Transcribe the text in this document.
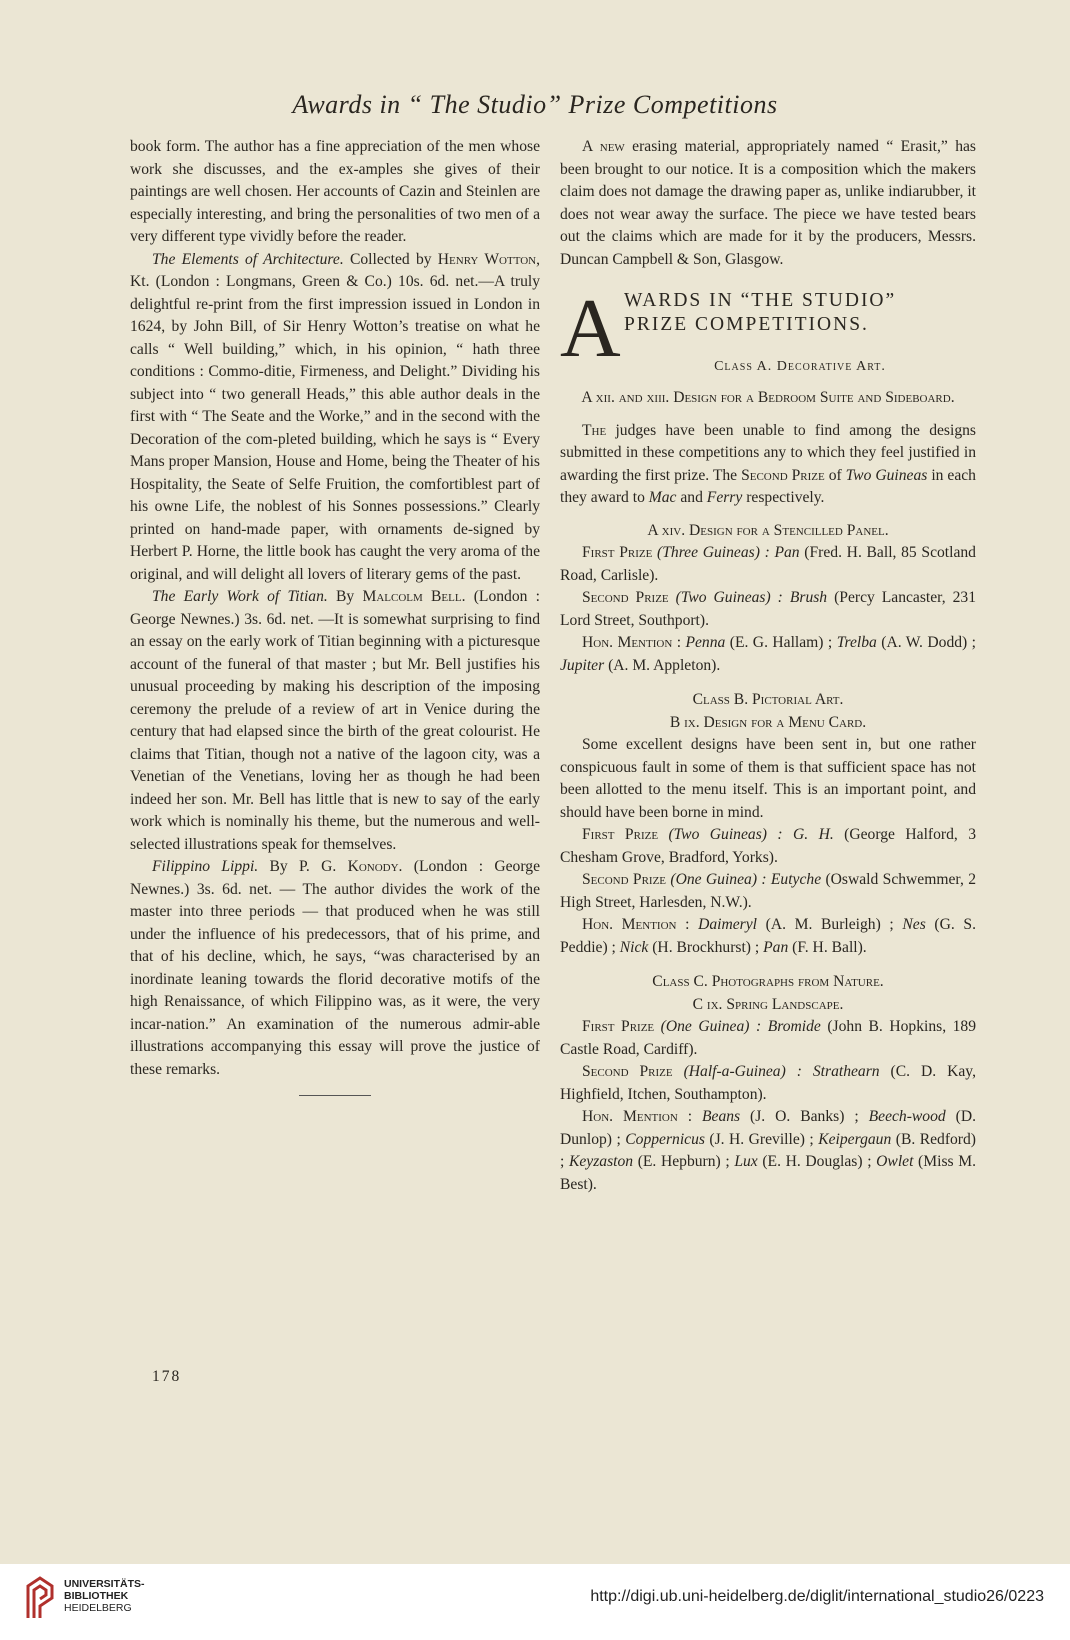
Awards in “ The Studio” Prize Competitions

book form. The author has a fine appreciation of the men whose work she discusses, and the ex-amples she gives of their paintings are well chosen. Her accounts of Cazin and Steinlen are especially interesting, and bring the personalities of two men of a very different type vividly before the reader.

The Elements of Architecture. Collected by Henry Wotton, Kt. (London : Longmans, Green & Co.) 10s. 6d. net.—A truly delightful re-print from the first impression issued in London in 1624, by John Bill, of Sir Henry Wotton’s treatise on what he calls “ Well building,” which, in his opinion, “ hath three conditions : Commo-ditie, Firmeness, and Delight.” Dividing his subject into “ two generall Heads,” this able author deals in the first with “ The Seate and the Worke,” and in the second with the Decoration of the com-pleted building, which he says is “ Every Mans proper Mansion, House and Home, being the Theater of his Hospitality, the Seate of Selfe Fruition, the comfortiblest part of his owne Life, the noblest of his Sonnes possessions.” Clearly printed on hand-made paper, with ornaments de-signed by Herbert P. Horne, the little book has caught the very aroma of the original, and will delight all lovers of literary gems of the past.

The Early Work of Titian. By Malcolm Bell. (London : George Newnes.) 3s. 6d. net. —It is somewhat surprising to find an essay on the early work of Titian beginning with a picturesque account of the funeral of that master ; but Mr. Bell justifies his unusual proceeding by making his description of the imposing ceremony the prelude of a review of art in Venice during the century that had elapsed since the birth of the great colourist. He claims that Titian, though not a native of the lagoon city, was a Venetian of the Venetians, loving her as though he had been indeed her son. Mr. Bell has little that is new to say of the early work which is nominally his theme, but the numerous and well-selected illustrations speak for themselves.

Filippino Lippi. By P. G. Konody. (London : George Newnes.) 3s. 6d. net. — The author divides the work of the master into three periods — that produced when he was still under the influence of his predecessors, that of his prime, and that of his decline, which, he says, “was characterised by an inordinate leaning towards the florid decorative motifs of the high Renaissance, of which Filippino was, as it were, the very incar-nation.” An examination of the numerous admir-able illustrations accompanying this essay will prove the justice of these remarks.

A new erasing material, appropriately named “ Erasit,” has been brought to our notice. It is a composition which the makers claim does not damage the drawing paper as, unlike indiarubber, it does not wear away the surface. The piece we have tested bears out the claims which are made for it by the producers, Messrs. Duncan Campbell & Son, Glasgow.

A WARDS IN “THE STUDIO”
PRIZE COMPETITIONS.
Class A. Decorative Art.

A xii. and xiii. Design for a Bedroom Suite and Sideboard.

The judges have been unable to find among the designs submitted in these competitions any to which they feel justified in awarding the first prize. The Second Prize of Two Guineas in each they award to Mac and Ferry respectively.

A xiv. Design for a Stencilled Panel.

First Prize (Three Guineas) : Pan (Fred. H. Ball, 85 Scotland Road, Carlisle).

Second Prize (Two Guineas) : Brush (Percy Lancaster, 231 Lord Street, Southport).

Hon. Mention : Penna (E. G. Hallam) ; Trelba (A. W. Dodd) ; Jupiter (A. M. Appleton).

Class B. Pictorial Art.

B ix. Design for a Menu Card.

Some excellent designs have been sent in, but one rather conspicuous fault in some of them is that sufficient space has not been allotted to the menu itself. This is an important point, and should have been borne in mind.

First Prize (Two Guineas) : G. H. (George Halford, 3 Chesham Grove, Bradford, Yorks).

Second Prize (One Guinea) : Eutyche (Oswald Schwemmer, 2 High Street, Harlesden, N.W.).

Hon. Mention : Daimeryl (A. M. Burleigh) ; Nes (G. S. Peddie) ; Nick (H. Brockhurst) ; Pan (F. H. Ball).

Class C. Photographs from Nature.

C ix. Spring Landscape.

First Prize (One Guinea) : Bromide (John B. Hopkins, 189 Castle Road, Cardiff).

Second Prize (Half-a-Guinea) : Strathearn (C. D. Kay, Highfield, Itchen, Southampton).

Hon. Mention : Beans (J. O. Banks) ; Beech-wood (D. Dunlop) ; Coppernicus (J. H. Greville) ; Keipergaun (B. Redford) ; Keyzaston (E. Hepburn) ; Lux (E. H. Douglas) ; Owlet (Miss M. Best).

178
UNIVERSITÄTS-
BIBLIOTHEK
HEIDELBERG
http://digi.ub.uni-heidelberg.de/diglit/international_studio26/0223
